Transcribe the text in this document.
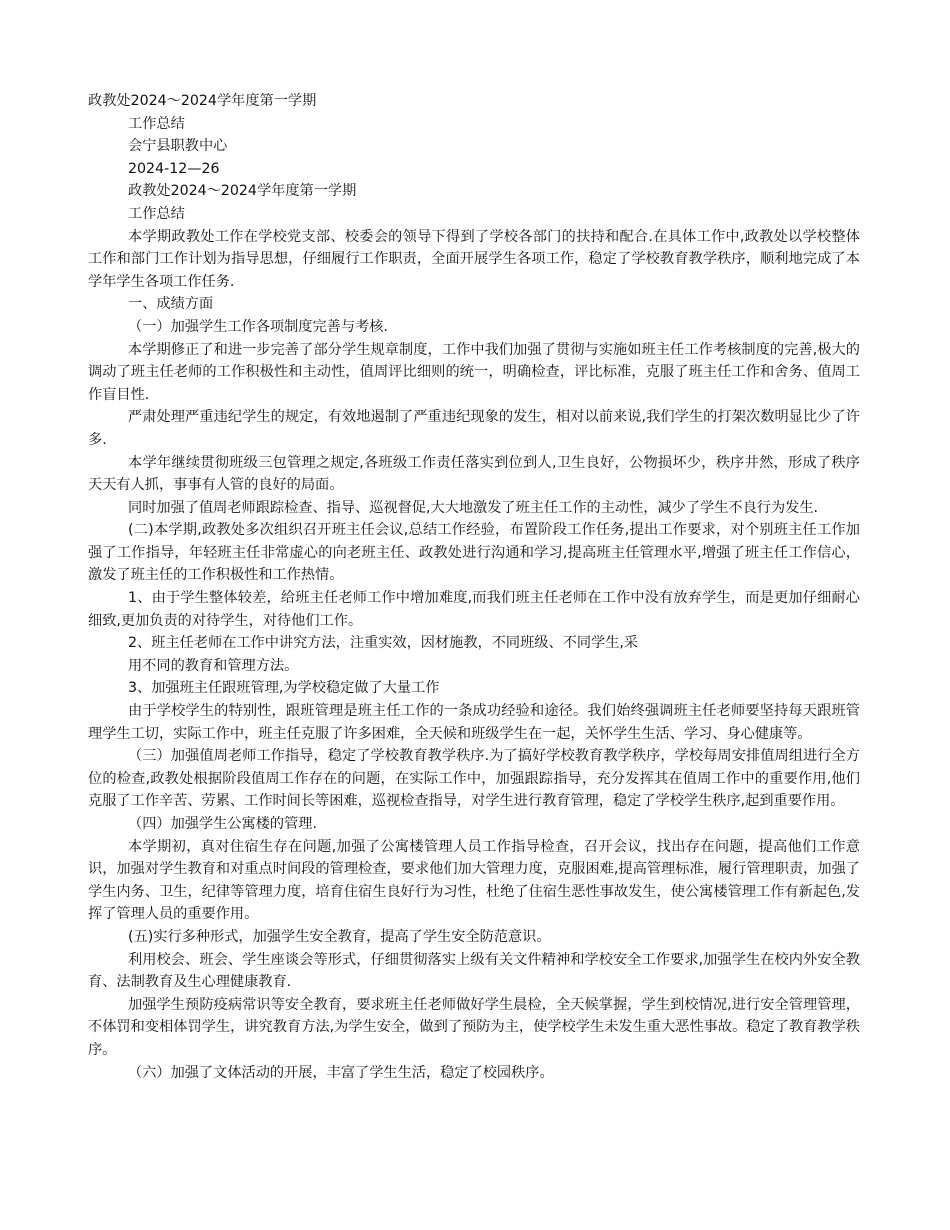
政教处2024～2024学年度第一学期

工作总结

会宁县职教中心

2024-12—26

政教处2024～2024学年度第一学期

工作总结

本学期政教处工作在学校党支部、校委会的领导下得到了学校各部门的扶持和配合.在具体工作中,政教处以学校整体工作和部门工作计划为指导思想，仔细履行工作职责，全面开展学生各项工作，稳定了学校教育教学秩序，顺利地完成了本学年学生各项工作任务.

一、成绩方面

（一）加强学生工作各项制度完善与考核.

本学期修正了和进一步完善了部分学生规章制度，工作中我们加强了贯彻与实施如班主任工作考核制度的完善,极大的调动了班主任老师的工作积极性和主动性，值周评比细则的统一，明确检查，评比标准，克服了班主任工作和舍务、值周工作盲目性.

严肃处理严重违纪学生的规定，有效地遏制了严重违纪现象的发生，相对以前来说,我们学生的打架次数明显比少了许多.

本学年继续贯彻班级三包管理之规定,各班级工作责任落实到位到人,卫生良好，公物损坏少，秩序井然，形成了秩序天天有人抓，事事有人管的良好的局面。

同时加强了值周老师跟踪检查、指导、巡视督促,大大地激发了班主任工作的主动性，减少了学生不良行为发生.

(二)本学期,政教处多次组织召开班主任会议,总结工作经验，布置阶段工作任务,提出工作要求，对个别班主任工作加强了工作指导，年轻班主任非常虚心的向老班主任、政教处进行沟通和学习,提高班主任管理水平,增强了班主任工作信心，激发了班主任的工作积极性和工作热情。

1、由于学生整体较差，给班主任老师工作中增加难度,而我们班主任老师在工作中没有放弃学生，而是更加仔细耐心细致,更加负责的对待学生，对待他们工作。

2、班主任老师在工作中讲究方法，注重实效，因材施教，不同班级、不同学生,采

用不同的教育和管理方法。

3、加强班主任跟班管理,为学校稳定做了大量工作

由于学校学生的特别性，跟班管理是班主任工作的一条成功经验和途径。我们始终强调班主任老师要坚持每天跟班管理学生工切，实际工作中，班主任克服了许多困难，全天候和班级学生在一起，关怀学生生活、学习、身心健康等。

（三）加强值周老师工作指导，稳定了学校教育教学秩序.为了搞好学校教育教学秩序，学校每周安排值周组进行全方位的检查,政教处根据阶段值周工作存在的问题，在实际工作中，加强跟踪指导，充分发挥其在值周工作中的重要作用,他们克服了工作辛苦、劳累、工作时间长等困难，巡视检查指导，对学生进行教育管理，稳定了学校学生秩序,起到重要作用。

（四）加强学生公寓楼的管理.

本学期初，真对住宿生存在问题,加强了公寓楼管理人员工作指导检查，召开会议，找出存在问题，提高他们工作意识，加强对学生教育和对重点时间段的管理检查，要求他们加大管理力度，克服困难,提高管理标准，履行管理职责，加强了学生内务、卫生，纪律等管理力度，培育住宿生良好行为习性，杜绝了住宿生恶性事故发生，使公寓楼管理工作有新起色,发挥了管理人员的重要作用。

(五)实行多种形式，加强学生安全教育，提高了学生安全防范意识。

利用校会、班会、学生座谈会等形式，仔细贯彻落实上级有关文件精神和学校安全工作要求,加强学生在校内外安全教育、法制教育及生心理健康教育.

加强学生预防疫病常识等安全教育，要求班主任老师做好学生晨检，全天候掌握，学生到校情况,进行安全管理管理，不体罚和变相体罚学生，讲究教育方法,为学生安全，做到了预防为主，使学校学生未发生重大恶性事故。稳定了教育教学秩序。

（六）加强了文体活动的开展，丰富了学生生活，稳定了校园秩序。
